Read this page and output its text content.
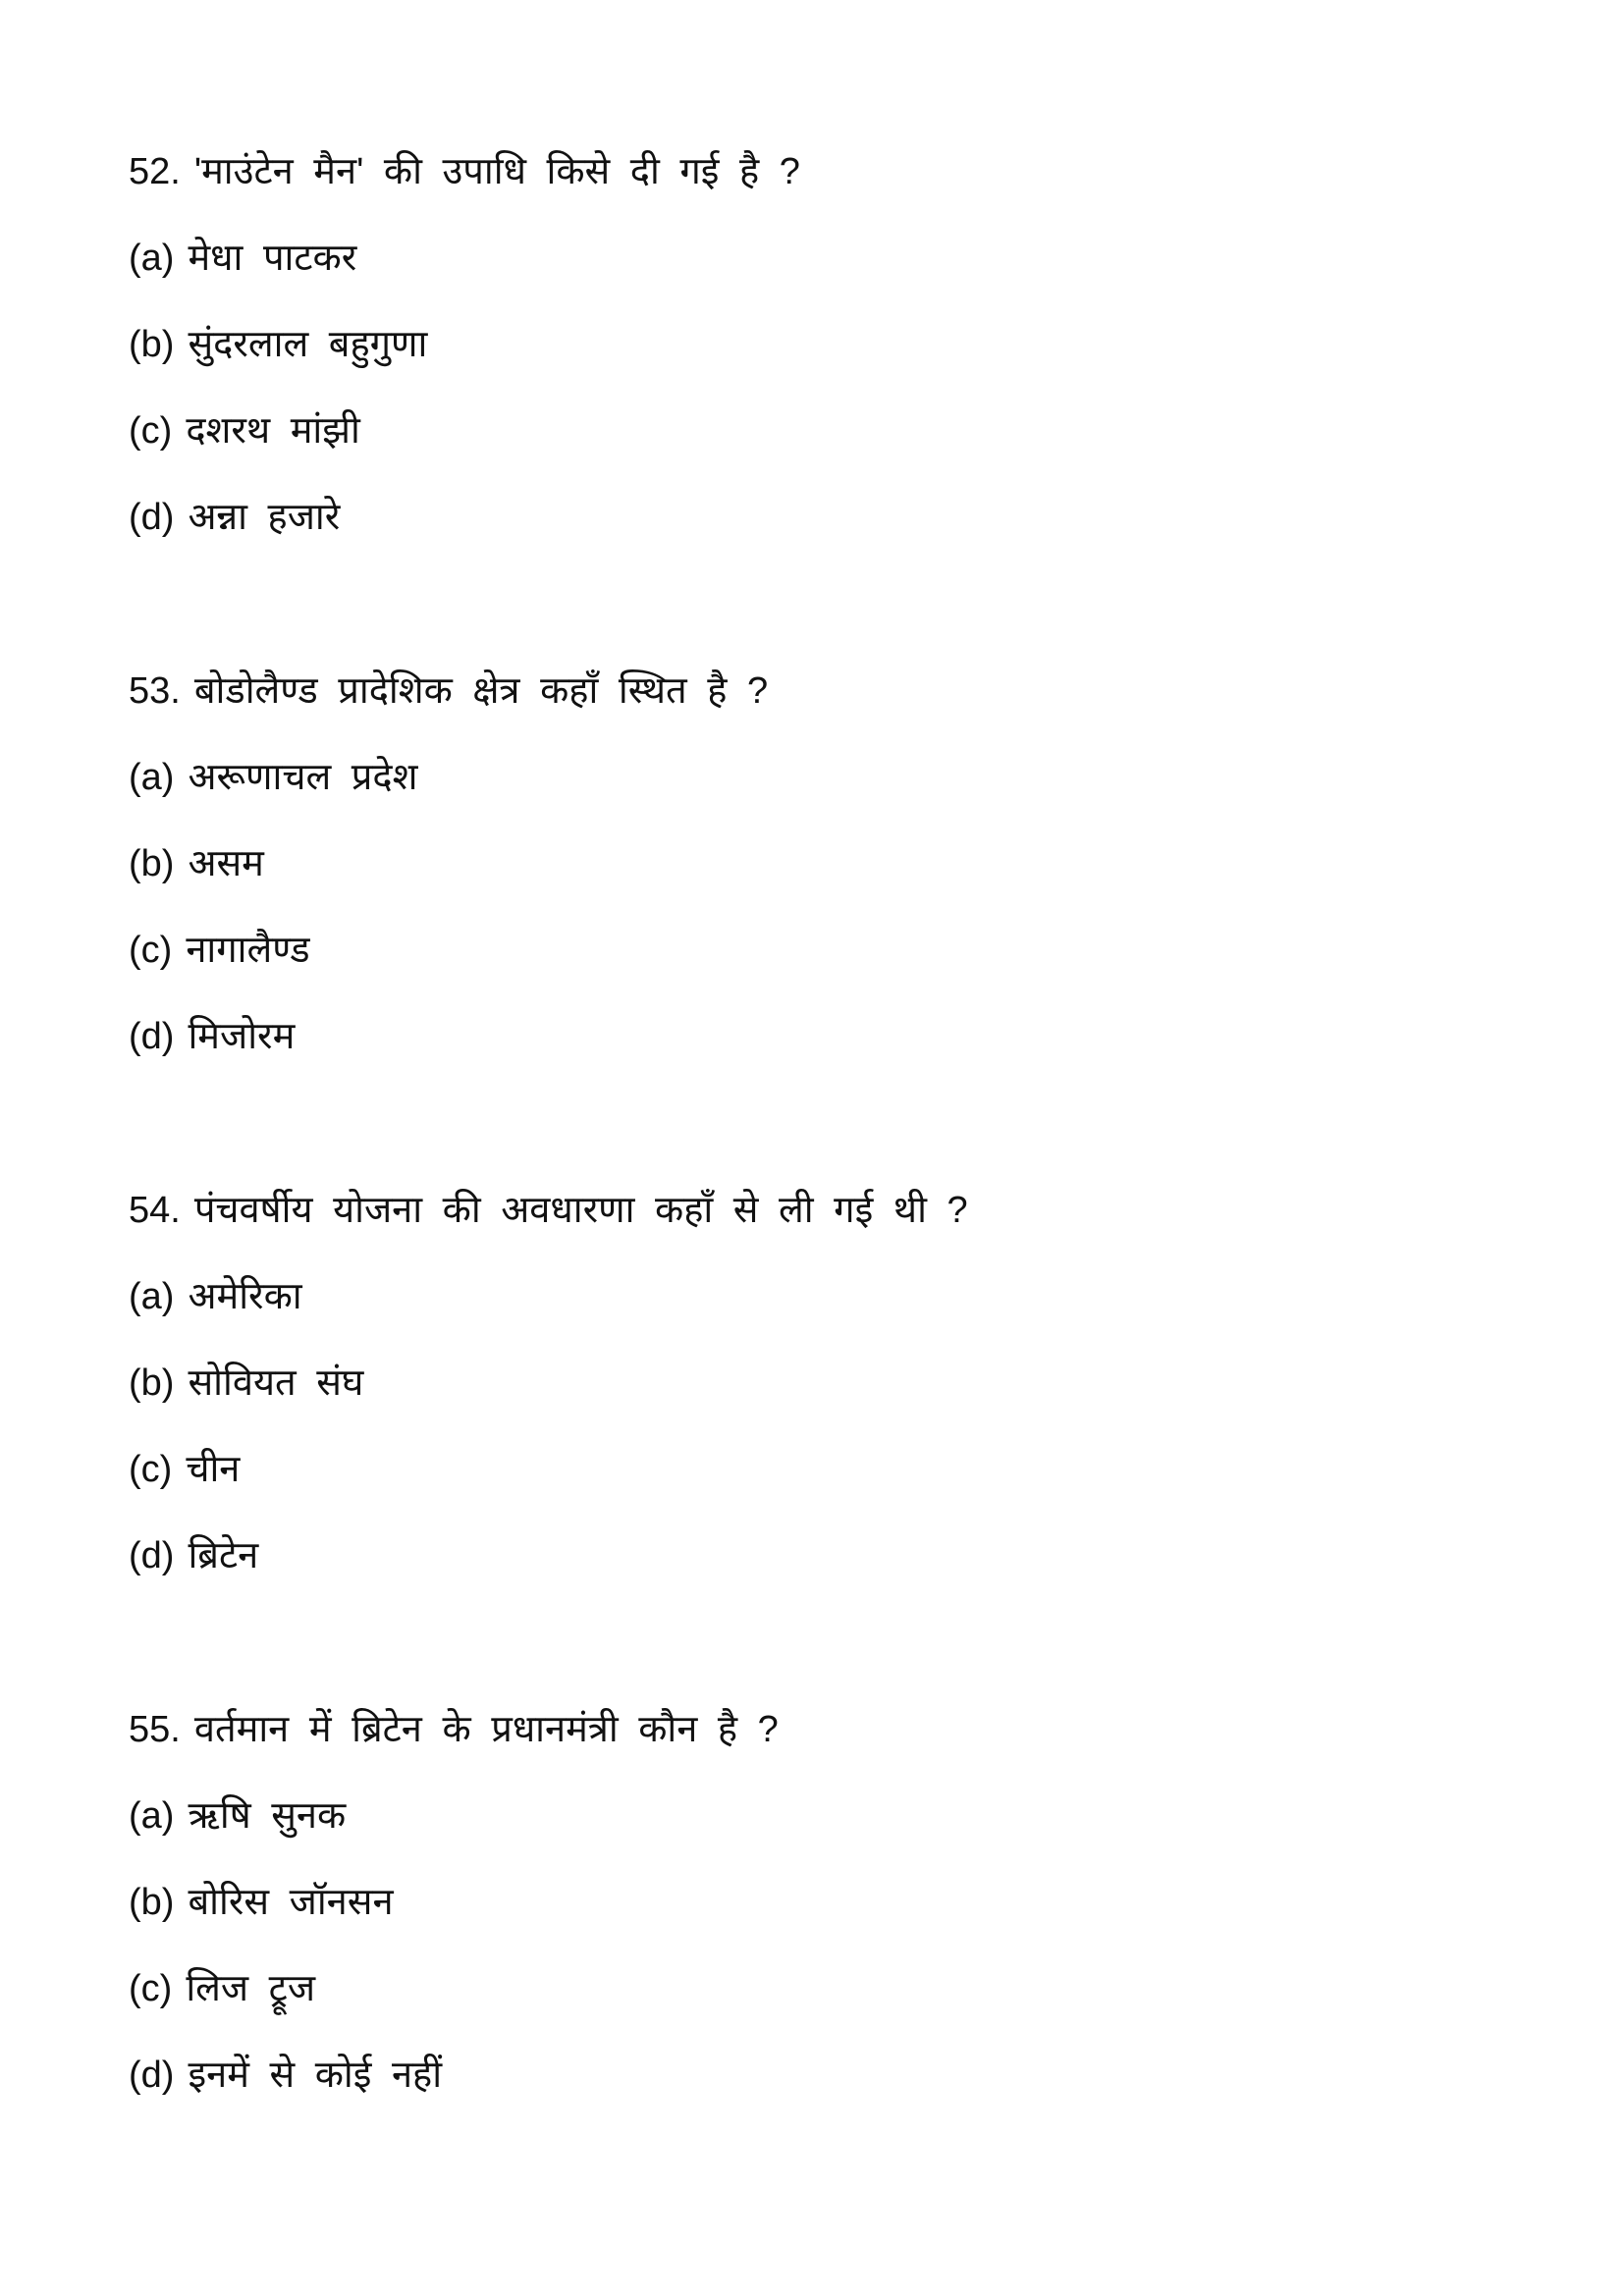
52. 'माउंटेन मैन' की उपाधि किसे दी गई है ?
(a) मेधा पाटकर
(b) सुंदरलाल बहुगुणा
(c) दशरथ मांझी
(d) अन्ना हजारे
53. बोडोलैण्ड प्रादेशिक क्षेत्र कहाँ स्थित है ?
(a) अरूणाचल प्रदेश
(b) असम
(c) नागालैण्ड
(d) मिजोरम
54. पंचवर्षीय योजना की अवधारणा कहाँ से ली गई थी ?
(a) अमेरिका
(b) सोवियत संघ
(c) चीन
(d) ब्रिटेन
55. वर्तमान में ब्रिटेन के प्रधानमंत्री कौन है ?
(a) ऋषि सुनक
(b) बोरिस जॉनसन
(c) लिज ट्रूज
(d) इनमें से कोई नहीं
